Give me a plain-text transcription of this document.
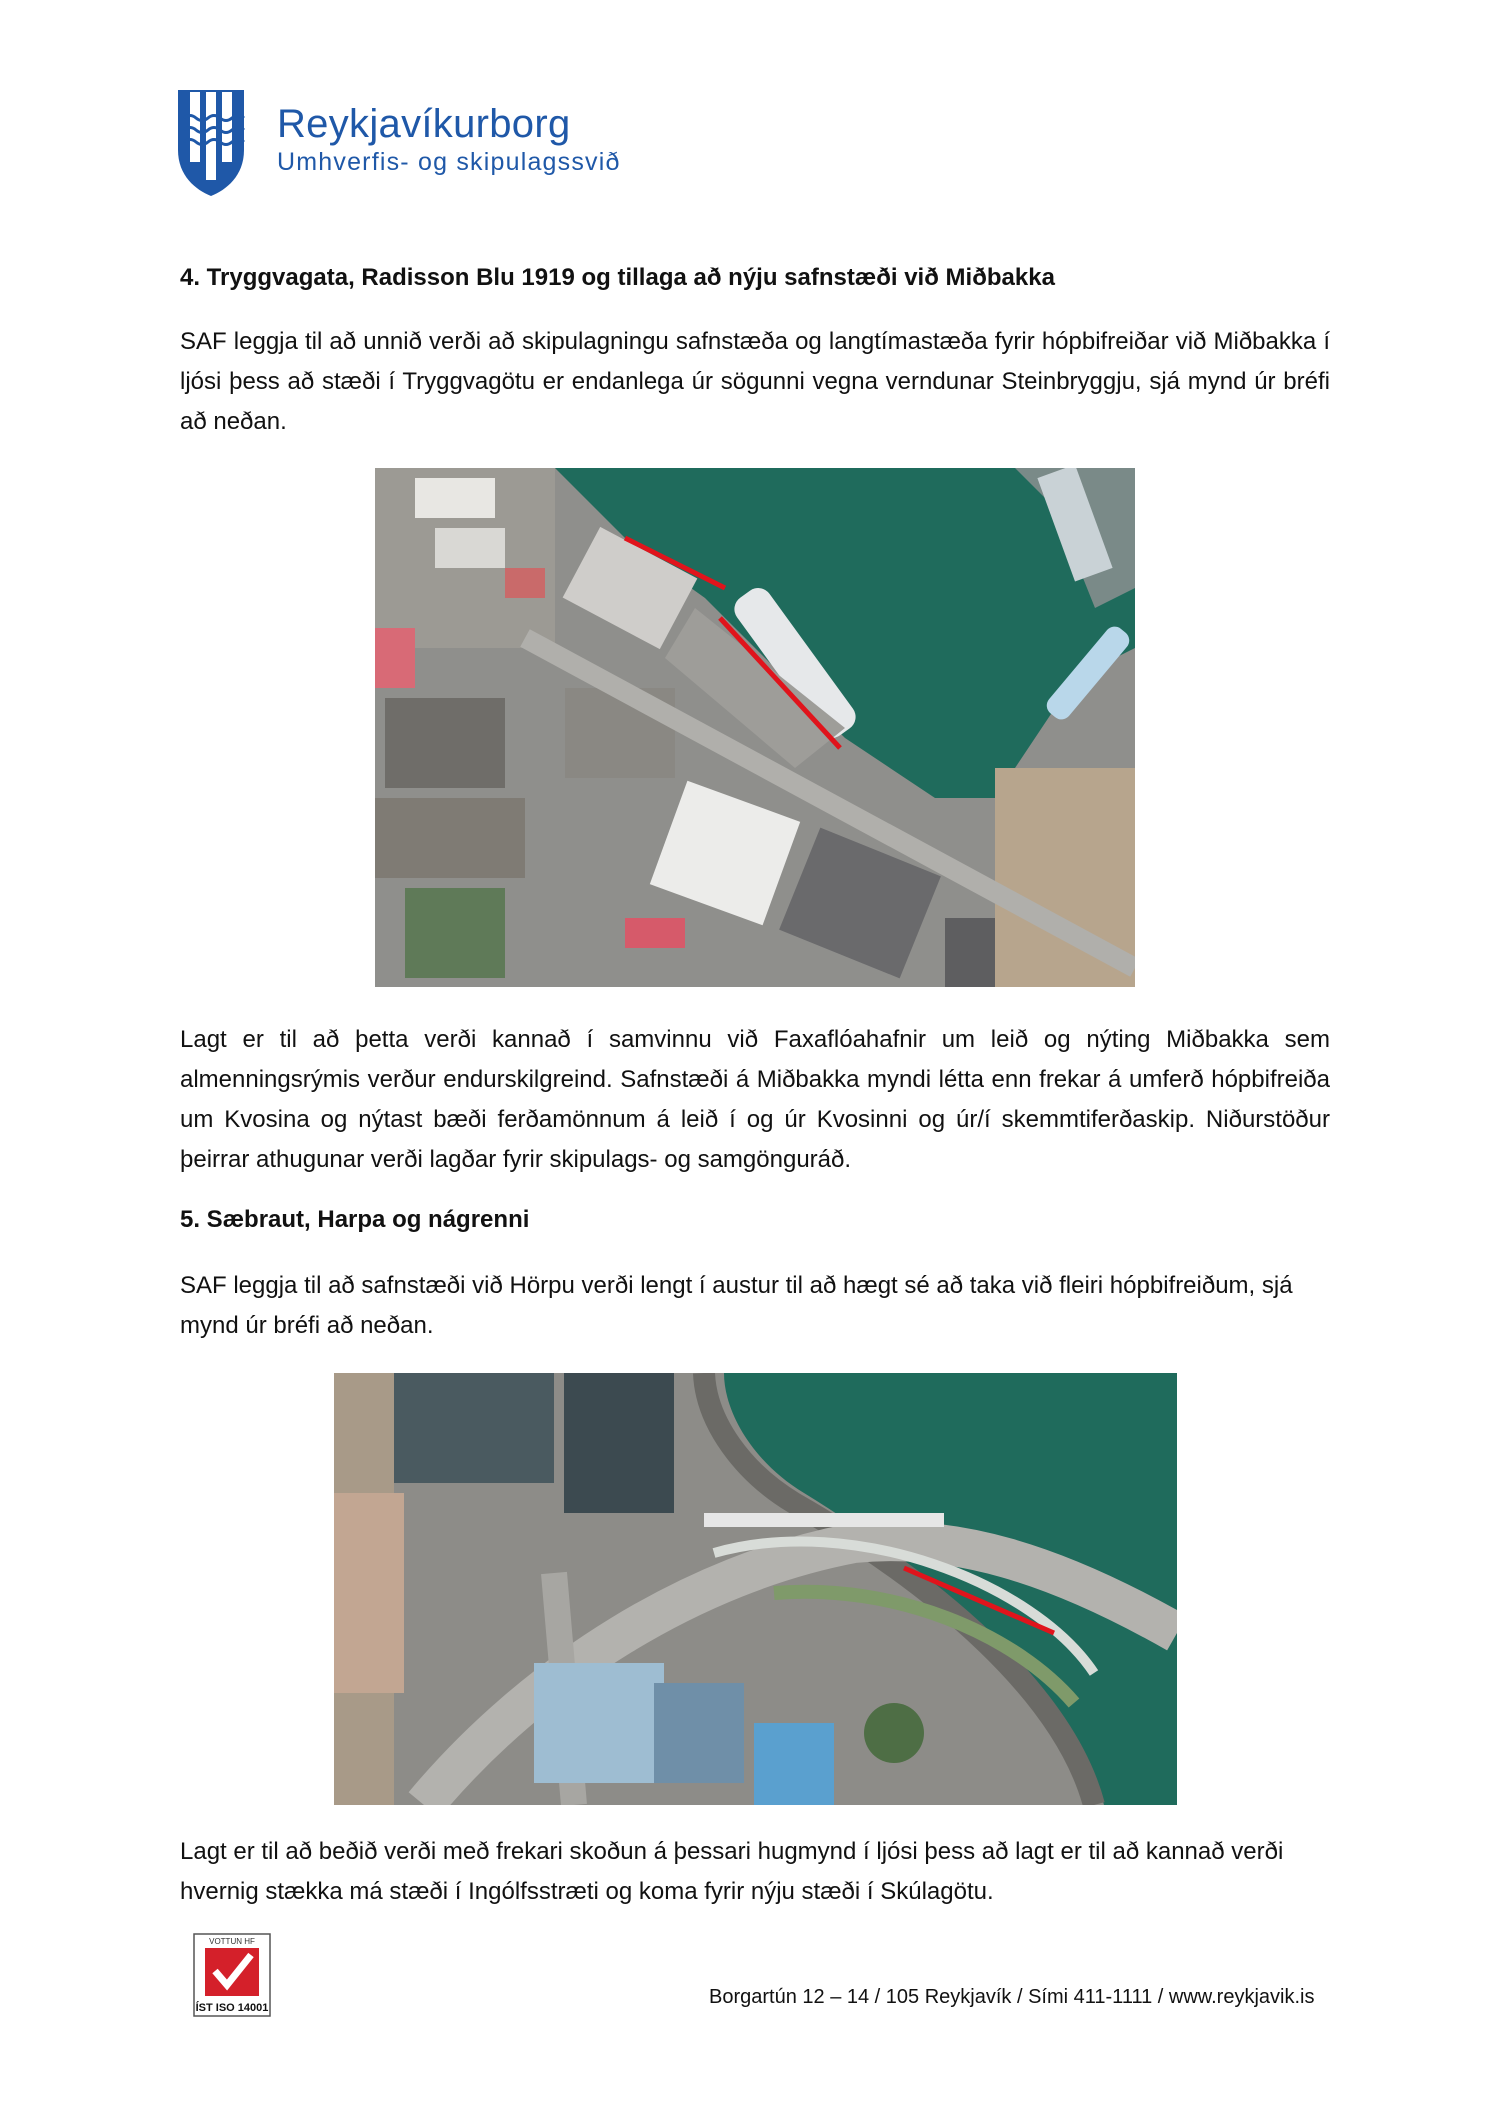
Reykjavíkurborg
Umhverfis- og skipulagssvið
4. Tryggvagata, Radisson Blu 1919 og tillaga að nýju safnstæði við Miðbakka
SAF leggja til að unnið verði að skipulagningu safnstæða og langtímastæða fyrir hópbifreiðar við Miðbakka í ljósi þess að stæði í Tryggvagötu er endanlega úr sögunni vegna verndunar Steinbryggju, sjá mynd úr bréfi að neðan.
Lagt er til að þetta verði kannað í samvinnu við Faxaflóahafnir um leið og nýting Miðbakka sem almenningsrýmis verður endurskilgreind. Safnstæði á Miðbakka myndi létta enn frekar á umferð hópbifreiða um Kvosina og nýtast bæði ferðamönnum á leið í og úr Kvosinni og úr/í skemmtiferðaskip. Niðurstöður þeirrar athugunar verði lagðar fyrir skipulags- og samgönguráð.
5. Sæbraut, Harpa og nágrenni
SAF leggja til að safnstæði við Hörpu verði lengt í austur til að hægt sé að taka við fleiri hópbifreiðum, sjá mynd úr bréfi að neðan.
Lagt er til að beðið verði með frekari skoðun á þessari hugmynd í ljósi þess að lagt er til að kannað verði hvernig stækka má stæði í Ingólfsstræti og koma fyrir nýju stæði í Skúlagötu.
VOTTUN HF
ÍST ISO 14001	Borgartún 12 – 14 / 105 Reykjavík / Sími 411-1111 / www.reykjavik.is
